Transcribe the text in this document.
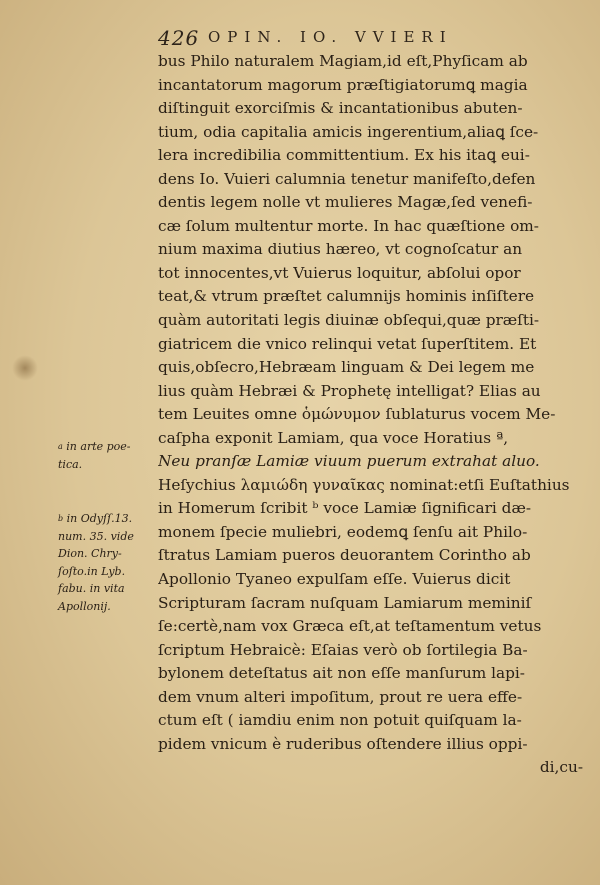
426 OPIN. IO. VVIERI
bus Philo naturalem Magiam,id eſt,Phyſicam ab
incantatorum magorum præſtigiatorumꝗ magia
diſtinguit exorciſmis & incantationibus abuten-
tium, odia capitalia amicis ingerentium,aliaꝗ ſce-
lera incredibilia committentium. Ex his itaꝗ eui-
dens Io. Vuieri calumnia tenetur manifeſto,defen
dentis legem nolle vt mulieres Magæ,ſed venefi-
cæ ſolum multentur morte. In hac quæſtione om-
nium maxima diutius hæreo, vt cognoſcatur an
tot innocentes,vt Vuierus loquitur, abſolui opor
teat,& vtrum præſtet calumnijs hominis inſiſtere
quàm autoritati legis diuinæ obſequi,quæ præſti-
giatricem die vnico relinqui vetat ſuperſtitem. Et
quis,obſecro,Hebræam linguam & Dei legem me
lius quàm Hebræi & Prophetę intelligat? Elias au
tem Leuites omne ὁμώνυμον ſublaturus vocem Me-
caſpha exponit Lamiam, qua voce Horatius ª,
Neu pranſæ Lamiæ viuum puerum extrahat aluo.
Heſychius λαμιώδη γυναῖκας nominat:etſi Euſtathius
in Homerum ſcribit ᵇ voce Lamiæ ſignificari dæ-
monem ſpecie muliebri, eodemꝗ ſenſu ait Philo-
ſtratus Lamiam pueros deuorantem Corintho ab
Apollonio Tyaneo expulſam eſſe. Vuierus dicit
Scripturam ſacram nuſquam Lamiarum meminiſ
ſe:certè,nam vox Græca eſt,at teſtamentum vetus
ſcriptum Hebraicè: Eſaias verò ob ſortilegia Ba-
bylonem deteſtatus ait non eſſe manſurum lapi-
dem vnum alteri impoſitum, prout re uera effe-
ctum eſt ( iamdiu enim non potuit quiſquam la-
pidem vnicum è ruderibus oſtendere illius oppi-
di,cu-
$^a$ in arte poe-
tica.
$^b$ in Odyſſ.13.
num. 35. vide
Dion. Chry-
ſoſto.in Lyb.
fabu. in vita
Apollonij.
